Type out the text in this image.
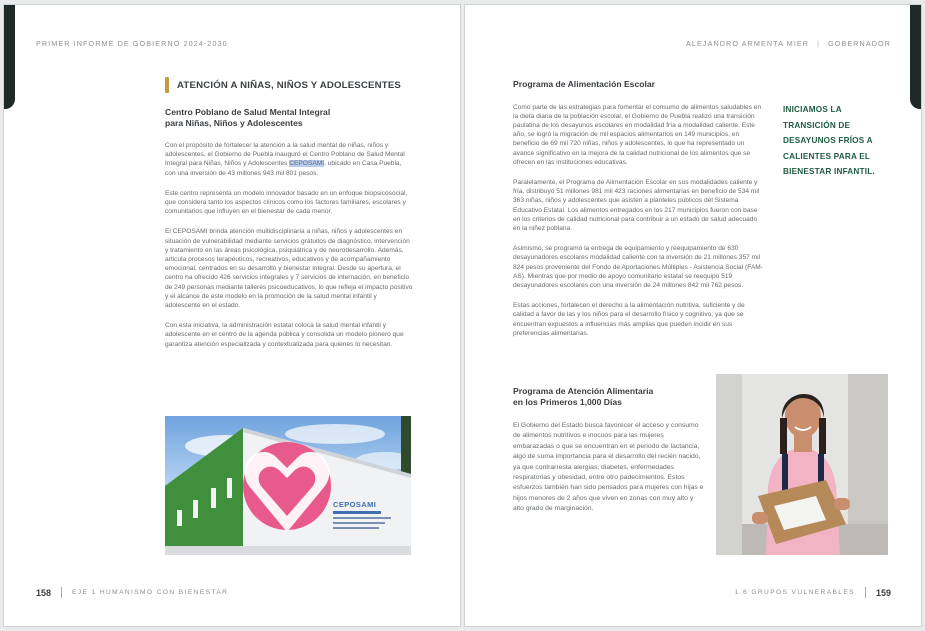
PRIMER INFORME DE GOBIERNO 2024-2030
ATENCIÓN A NIÑAS, NIÑOS Y ADOLESCENTES
Centro Poblano de Salud Mental Integral
para Niñas, Niños y Adolescentes

Con el propósito de fortalecer la atención a la salud mental de niñas, niños y adolescentes, el Gobierno de Puebla inauguró el Centro Poblano de Salud Mental Integral para Niñas, Niños y Adolescentes CEPOSAMI, ubicado en Casa Puebla, con una inversión de 43 millones 943 mil 801 pesos.

Este centro representa un modelo innovador basado en un enfoque biopsicosocial, que considera tanto los aspectos clínicos como los factores familiares, escolares y comunitarios que influyen en el bienestar de cada menor.

El CEPOSAMI brinda atención multidisciplinaria a niñas, niños y adolescentes en situación de vulnerabilidad mediante servicios gratuitos de diagnóstico, intervención y tratamiento en las áreas psicológica, psiquiátrica y de neurodesarrollo. Además, articula procesos terapéuticos, recreativos, educativos y de acompañamiento emocional, centrados en su desarrollo y bienestar integral. Desde su apertura, el centro ha ofrecido 426 servicios integrales y 7 servicios de internación, en beneficio de 249 personas mediante talleres psicoeducativos, lo que refleja el impacto positivo y el alcance de este modelo en la promoción de la salud mental infantil y adolescente en el estado.

Con esta iniciativa, la administración estatal coloca la salud mental infantil y adolescente en el centro de la agenda pública y consolida un modelo pionero que garantiza atención especializada y contextualizada para quienes lo necesitan.

CEPOSAMI
158	EJE 1 HUMANISMO CON BIENESTAR
ALEJANDRO ARMENTA MIER | GOBERNADOR
Programa de Alimentación Escolar

Como parte de las estrategias para fomentar el consumo de alimentos saludables en la dieta diaria de la población escolar, el Gobierno de Puebla realizó una transición paulatina de los desayunos escolares en modalidad fría a modalidad caliente. Este año, se logró la migración de mil espacios alimentarios en 149 municipios, en beneficio de 69 mil 720 niñas, niños y adolescentes, lo que ha representado un avance significativo en la mejora de la calidad nutricional de los alimentos que se ofrecen en las instituciones educativas.

Paralelamente, el Programa de Alimentación Escolar en sus modalidades caliente y fría, distribuyó 51 millones 981 mil 423 raciones alimentarias en beneficio de 534 mil 363 niñas, niños y adolescentes que asisten a planteles públicos del Sistema Educativo Estatal. Los alimentos entregados en los 217 municipios fueron con base en los criterios de calidad nutricional para contribuir a un estado de salud adecuado en la niñez poblana.

Asimismo, se programó la entrega de equipamiento y reequipamiento de 630 desayunadores escolares modalidad caliente con la inversión de 21 millones 357 mil 824 pesos proveniente del Fondo de Aportaciones Múltiples - Asistencia Social (FAM-AS). Mientras que por medio de apoyo comunitario estatal se reequipo 519 desayunadores escolares con una inversión de 24 millones 842 mil 762 pesos.

Estas acciones, fortalecen el derecho a la alimentación nutritiva, suficiente y de calidad a favor de las y los niños para el desarrollo físico y cognitivo, ya que se encuentran expuestos a influencias más amplias que pueden incidir en sus preferencias alimentarias.

INICIAMOS LA TRANSICIÓN DE DESAYUNOS FRÍOS A CALIENTES PARA EL BIENESTAR INFANTIL.
Programa de Atención Alimentaria
en los Primeros 1,000 Días

El Gobierno del Estado busca favorecer el acceso y consumo de alimentos nutritivos e inocuos para las mujeres embarazadas o que se encuentran en el periodo de lactancia, algo de suma importancia para el desarrollo del recién nacido, ya que contrarresta alergias, diabetes, enfermedades respiratorias y obesidad, entre otro padecimientos. Estos esfuerzos también han sido pensados para mujeres con hijas e hijos menores de 2 años que viven en zonas con muy alto y alto grado de marginación.

1.6 GRUPOS VULNERABLES 159
